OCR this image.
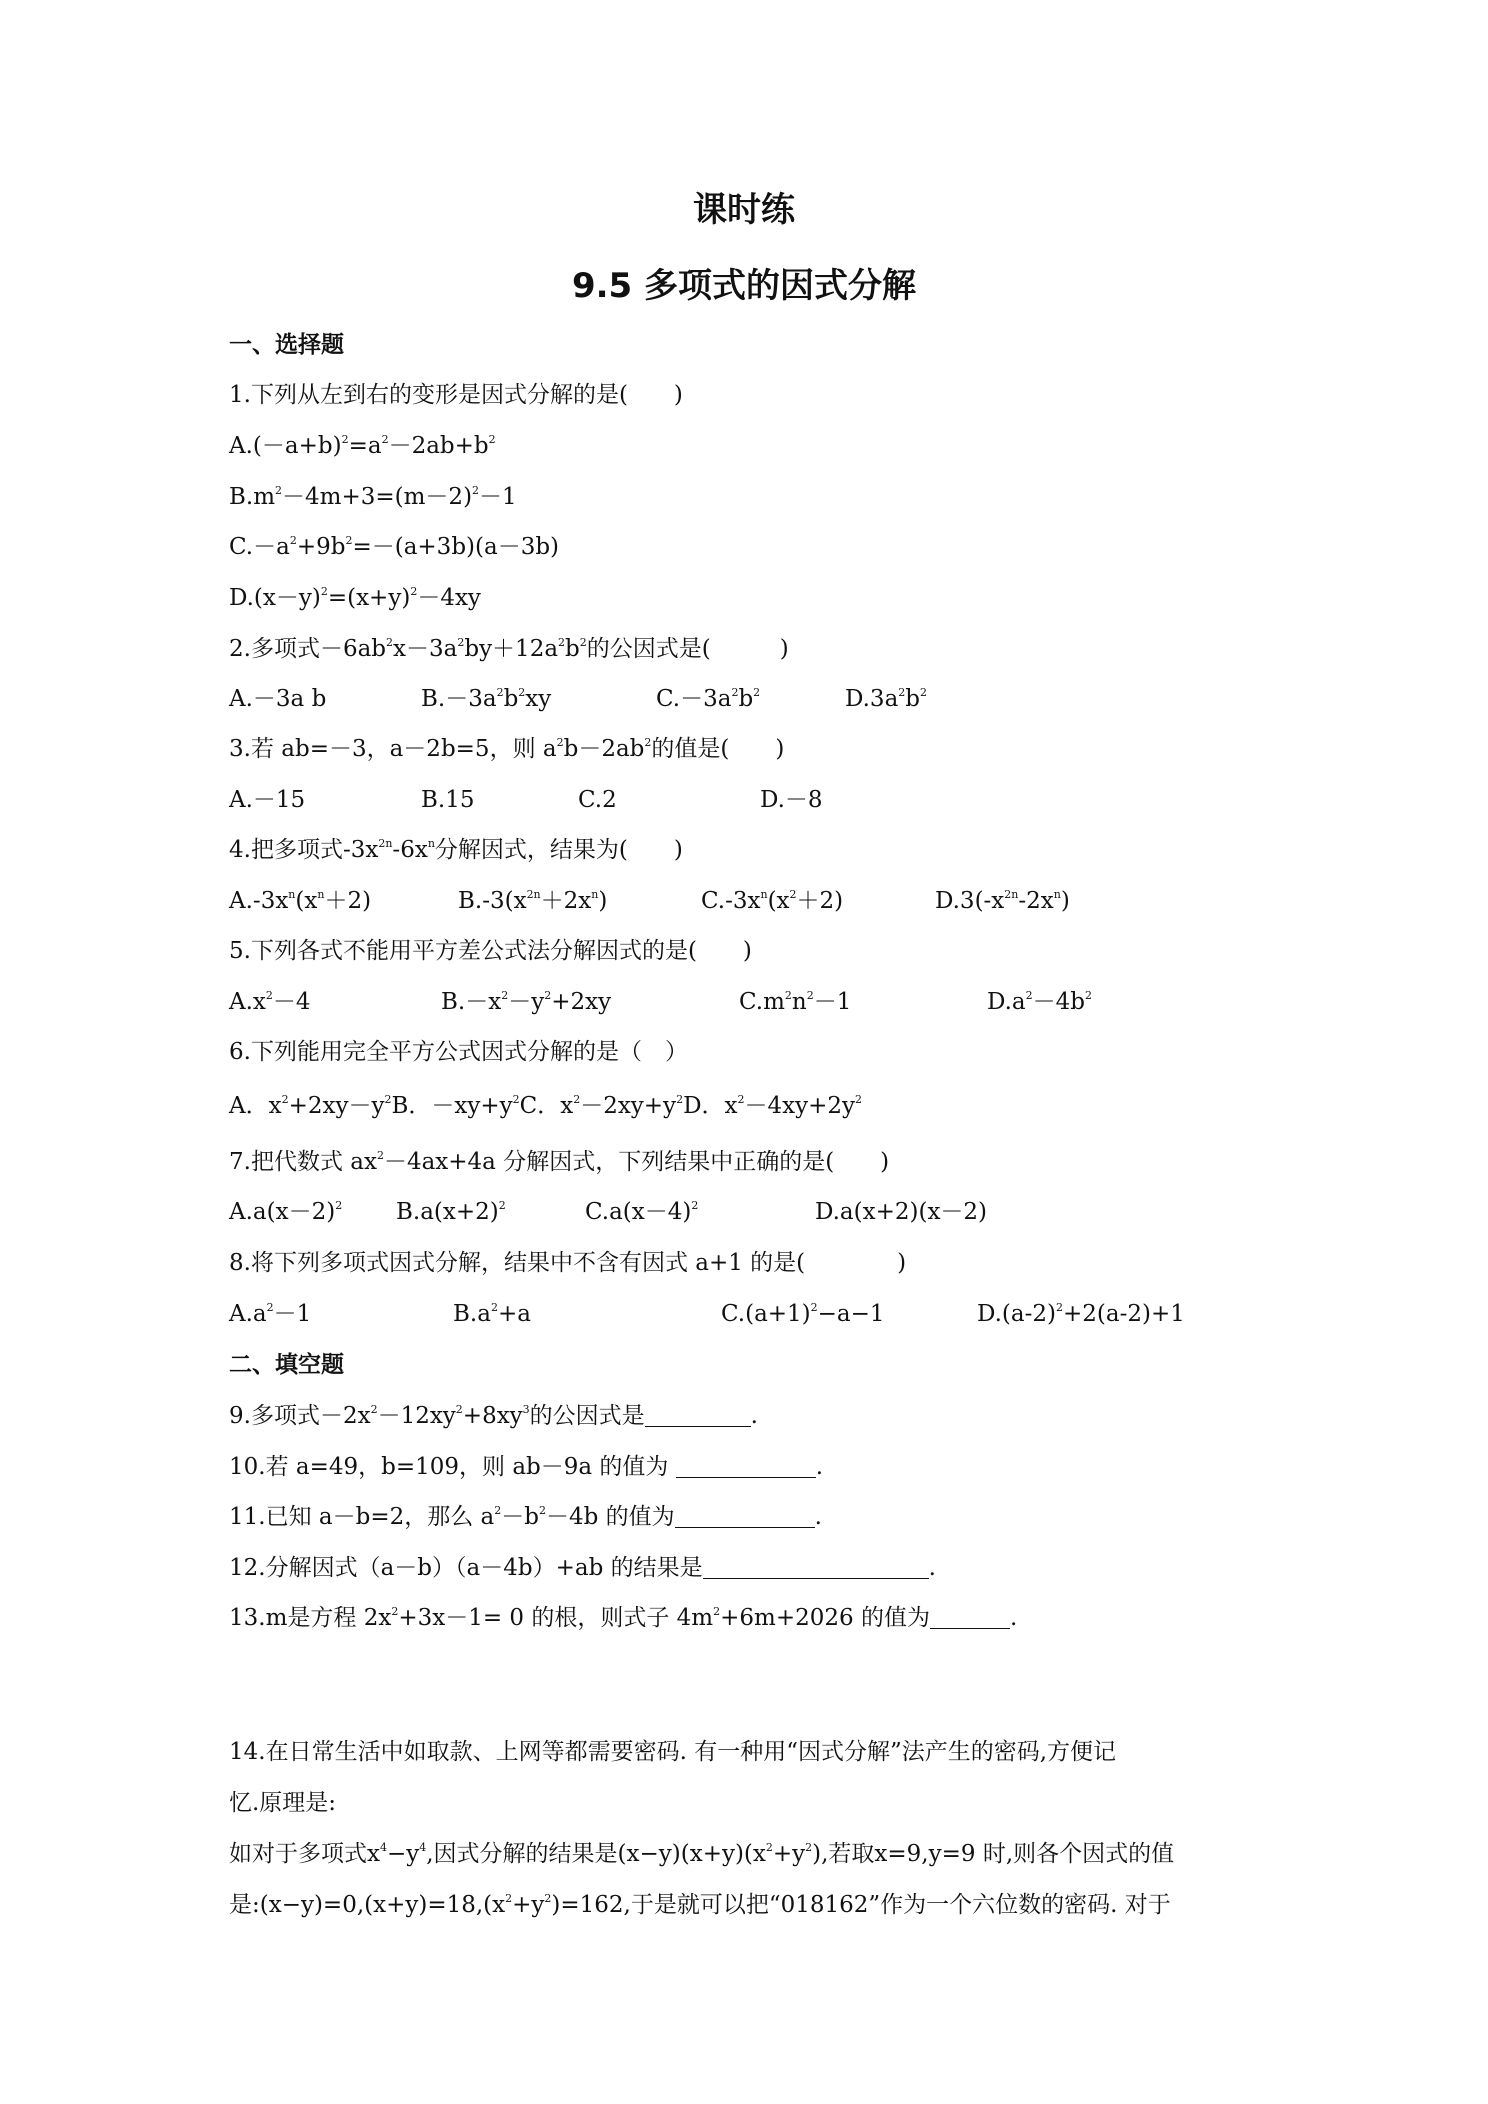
课时练
9.5 多项式的因式分解
一、选择题
1.下列从左到右的变形是因式分解的是(　　)
$A.(-a+b)^2=a^2-2ab+b^2$
$B.m^2-4m+3=(m-2)^2-1$
$C.-a^2+9b^2=-(a+3b)(a-3b)$
$D.(x-y)^2=(x+y)^2-4xy$
2.多项式$-6ab^2x-3a^2by+12a^2b^2$的公因式是(　　　)
A.－3a b	$B.-3a^2b^2xy$	$C.-3a^2b^2$	$D.3a^2b^2$
3.若 ab=－3，a－2b=5，则 $a^2b-2ab^2$的值是(　　)
A.－15	B.15	C.2	D.－8
4.把多项式$-3x^{2n}-6x^n$分解因式，结果为(　　)
$A.-3x^n(x^n+2)$	$B.-3(x^{2n}+2x^n)$	$C.-3x^n(x^2+2)$	$D.3(-x^{2n}-2x^n)$
5.下列各式不能用平方差公式法分解因式的是(　　)
$A.x^2-4$	$B.-x^2-y^2+2xy$	$C.m^2n^2-1$	$D.a^2-4b^2$
6.下列能用完全平方公式因式分解的是（　）
A．$x^2+2xy-y^2B$．$-xy+y^2C$．$x^2-2xy+y^2D$．$x^2-4xy+2y^2$
7.把代数式 $ax^2-4ax+4a$ 分解因式，下列结果中正确的是(　　)
$A.a(x-2)^2$ $B.a(x+2)^2$	$C.a(x-4)^2$	D.a(x+2)(x－2)
8.将下列多项式因式分解，结果中不含有因式 a+1 的是(　　　　)
$A.a^2-1$	$B.a^2+a$	$C.(a+1)^2-a-1$	$D.(a-2)^2+2(a-2)+1$
二、填空题
9.多项式$-2x^2-12xy^2+8xy^3$的公因式是	.
10.若 a=49，b=109，则 ab－9a 的值为	.
11.已知 a－b=2，那么 $a^2-b^2-4b$ 的值为	.
12.分解因式（a－b）（a－4b）+ab 的结果是	.
13.m是方程 $2x^2+3x-1= 0$ 的根，则式子 $4m^2+6m+2026$ 的值为	.
14.在日常生活中如取款、上网等都需要密码. 有一种用“因式分解”法产生的密码,方便记
忆.原理是:
如对于多项式$x^4-y^4$,因式分解的结果是$(x-y)(x+y)(x^2+y^2)$,若取x=9,y=9 时,则各个因式的值
是$:(x-y)=0,(x+y)=18,(x^2+y^2)=162$,于是就可以把“018162”作为一个六位数的密码. 对于
